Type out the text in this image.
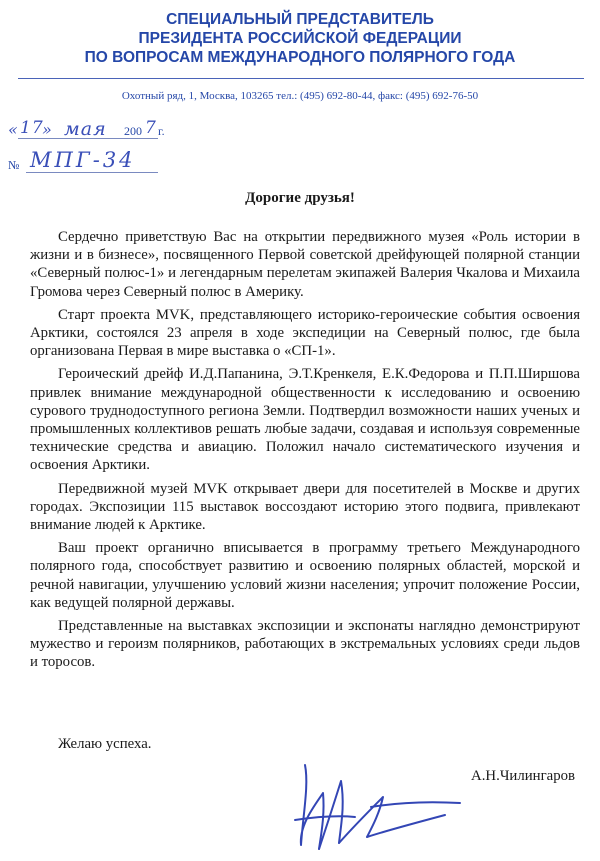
СПЕЦИАЛЬНЫЙ ПРЕДСТАВИТЕЛЬ
ПРЕЗИДЕНТА РОССИЙСКОЙ ФЕДЕРАЦИИ
ПО ВОПРОСАМ МЕЖДУНАРОДНОГО ПОЛЯРНОГО ГОДА
Охотный ряд, 1, Москва, 103265 тел.: (495) 692-80-44, факс: (495) 692-76-50
« 17
» мая 200 7 г.
№ МПГ-34
Дорогие друзья!

Сердечно приветствую Вас на открытии передвижного музея «Роль истории в жизни и в бизнесе», посвященного Первой советской дрейфующей полярной станции «Северный полюс-1» и легендарным перелетам экипажей Валерия Чкалова и Михаила Громова через Северный полюс в Америку.

Старт проекта MVK, представляющего историко-героические события освоения Арктики, состоялся 23 апреля в ходе экспедиции на Северный полюс, где была организована Первая в мире выставка о «СП-1».

Героический дрейф И.Д.Папанина, Э.Т.Кренкеля, Е.К.Федорова и П.П.Ширшова привлек внимание международной общественности к исследованию и освоению сурового труднодоступного региона Земли. Подтвердил возможности наших ученых и промышленных коллективов решать любые задачи, создавая и используя современные технические средства и авиацию. Положил начало систематического изучения и освоения Арктики.

Передвижной музей MVK открывает двери для посетителей в Москве и других городах. Экспозиции 115 выставок воссоздают историю этого подвига, привлекают внимание людей к Арктике.

Ваш проект органично вписывается в программу третьего Международного полярного года, способствует развитию и освоению полярных областей, морской и речной навигации, улучшению условий жизни населения; упрочит положение России, как ведущей полярной державы.

Представленные на выставках экспозиции и экспонаты наглядно демонстрируют мужество и героизм полярников, работающих в экстремальных условиях среди льдов и торосов.

Желаю успеха.
А.Н.Чилингаров
